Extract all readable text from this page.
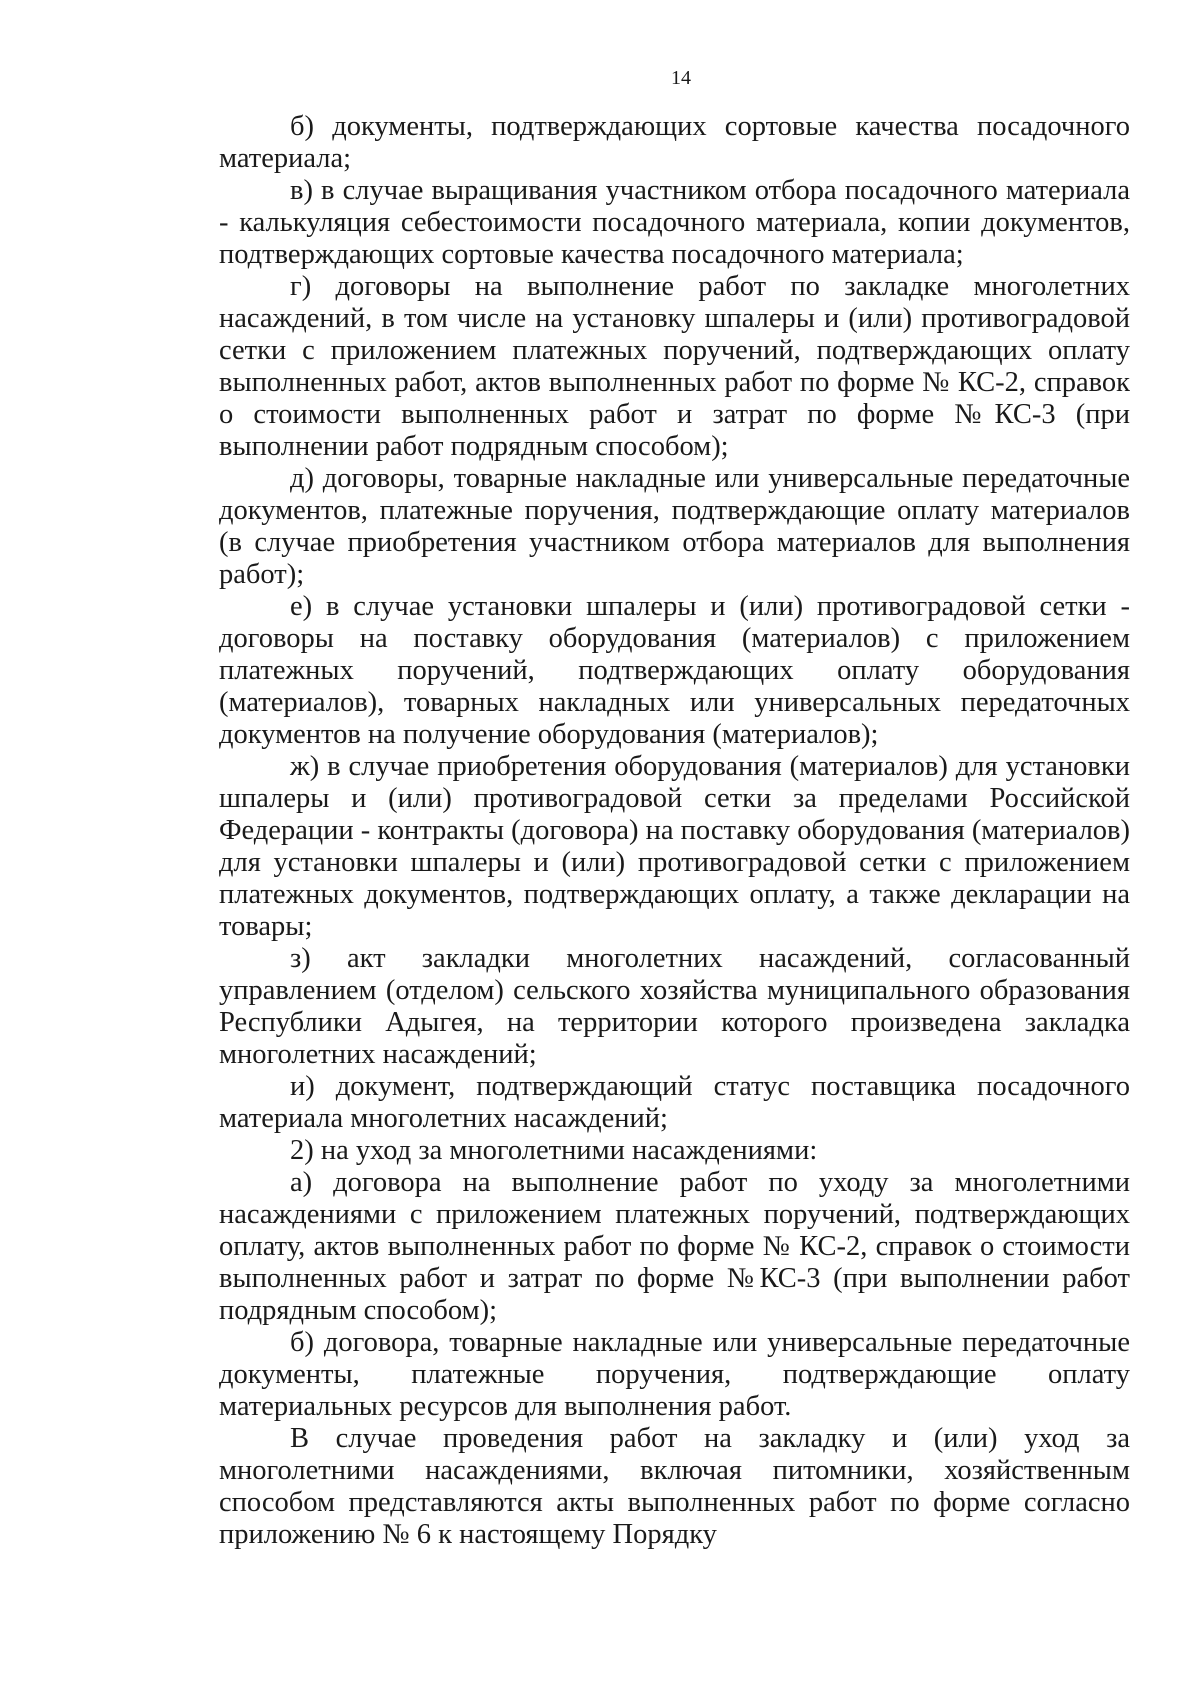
14

б) документы, подтверждающих сортовые качества посадочного материала;

в) в случае выращивания участником отбора посадочного материала - калькуляция себестоимости посадочного материала, копии документов, подтверждающих сортовые качества посадочного материала;

г) договоры на выполнение работ по закладке многолетних насаждений, в том числе на установку шпалеры и (или) противоградовой сетки с приложением платежных поручений, подтверждающих оплату выполненных работ, актов выполненных работ по форме № КС-2, справок о стоимости выполненных работ и затрат по форме №КС-3 (при выполнении работ подрядным способом);

д) договоры, товарные накладные или универсальные передаточные документов, платежные поручения, подтверждающие оплату материалов (в случае приобретения участником отбора материалов для выполнения работ);

е) в случае установки шпалеры и (или) противоградовой сетки - договоры на поставку оборудования (материалов) с приложением платежных поручений, подтверждающих оплату оборудования (материалов), товарных накладных или универсальных передаточных документов на получение оборудования (материалов);

ж) в случае приобретения оборудования (материалов) для установки шпалеры и (или) противоградовой сетки за пределами Российской Федерации - контракты (договора) на поставку оборудования (материалов) для установки шпалеры и (или) противоградовой сетки с приложением платежных документов, подтверждающих оплату, а также декларации на товары;

з) акт закладки многолетних насаждений, согласованный управлением (отделом) сельского хозяйства муниципального образования Республики Адыгея, на территории которого произведена закладка многолетних насаждений;

и) документ, подтверждающий статус поставщика посадочного материала многолетних насаждений;

2) на уход за многолетними насаждениями:

а) договора на выполнение работ по уходу за многолетними насаждениями с приложением платежных поручений, подтверждающих оплату, актов выполненных работ по форме № КС-2, справок о стоимости выполненных работ и затрат по форме №КС-3 (при выполнении работ подрядным способом);

б) договора, товарные накладные или универсальные передаточные документы, платежные поручения, подтверждающие оплату материальных ресурсов для выполнения работ.

В случае проведения работ на закладку и (или) уход за многолетними насаждениями, включая питомники, хозяйственным способом представляются акты выполненных работ по форме согласно приложению № 6 к настоящему Порядку
